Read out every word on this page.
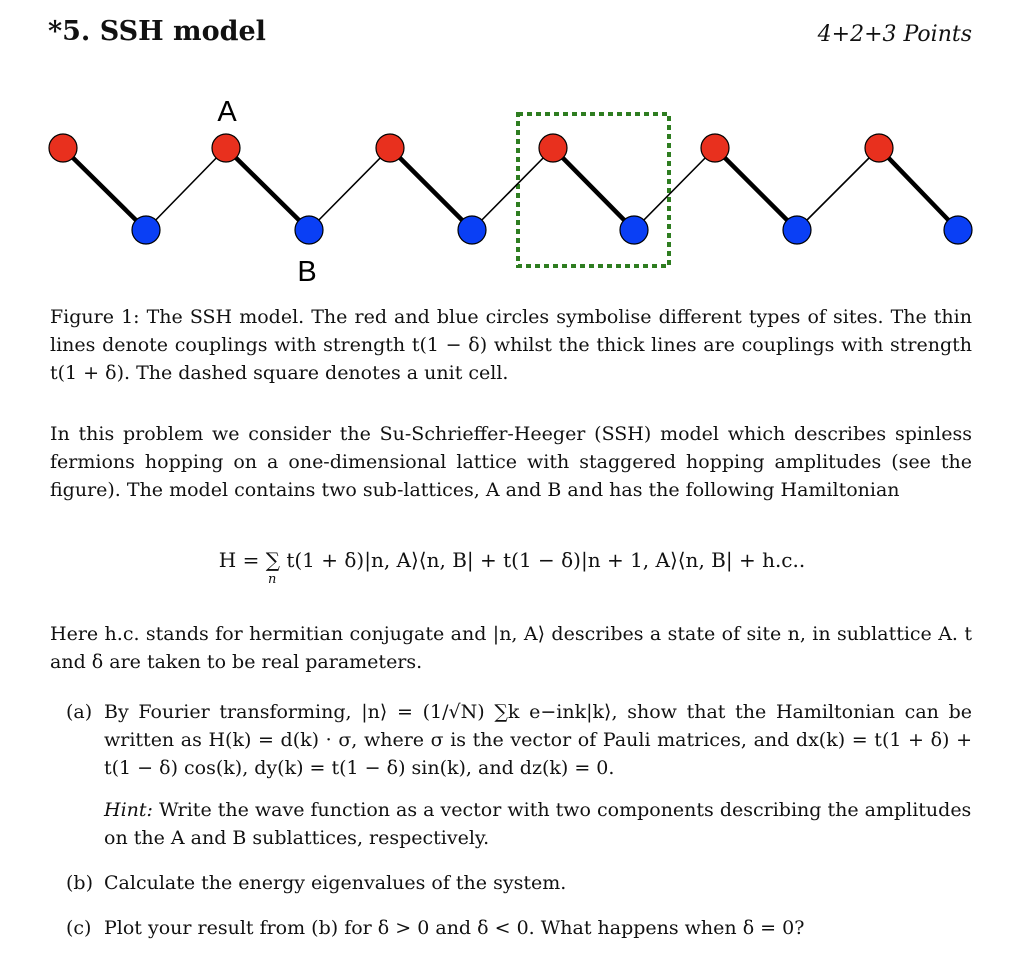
*5. SSH model	4+2+3 Points
A
B
Figure 1: The SSH model. The red and blue circles symbolise different types of sites. The thin lines denote couplings with strength t(1 − δ) whilst the thick lines are couplings with strength t(1 + δ). The dashed square denotes a unit cell.
In this problem we consider the Su-Schrieffer-Heeger (SSH) model which describes spinless fermions hopping on a one-dimensional lattice with staggered hopping amplitudes (see the figure). The model contains two sub-lattices, A and B and has the following Hamiltonian
H = ∑ t(1 + δ)|n, A⟩⟨n, B| + t(1 − δ)|n + 1, A⟩⟨n, B| + h.c..
n
Here h.c. stands for hermitian conjugate and |n, A⟩ describes a state of site n, in sublattice A. t and δ are taken to be real parameters.
(a) By Fourier transforming, |n⟩ = (1/√N) ∑k e−ink|k⟩, show that the Hamiltonian can be written as H(k) = d(k) · σ, where σ is the vector of Pauli matrices, and dx(k) = t(1 + δ) + t(1 − δ) cos(k), dy(k) = t(1 − δ) sin(k), and dz(k) = 0.
Hint: Write the wave function as a vector with two components describing the amplitudes on the A and B sublattices, respectively.
(b) Calculate the energy eigenvalues of the system.
(c) Plot your result from (b) for δ > 0 and δ < 0. What happens when δ = 0?
